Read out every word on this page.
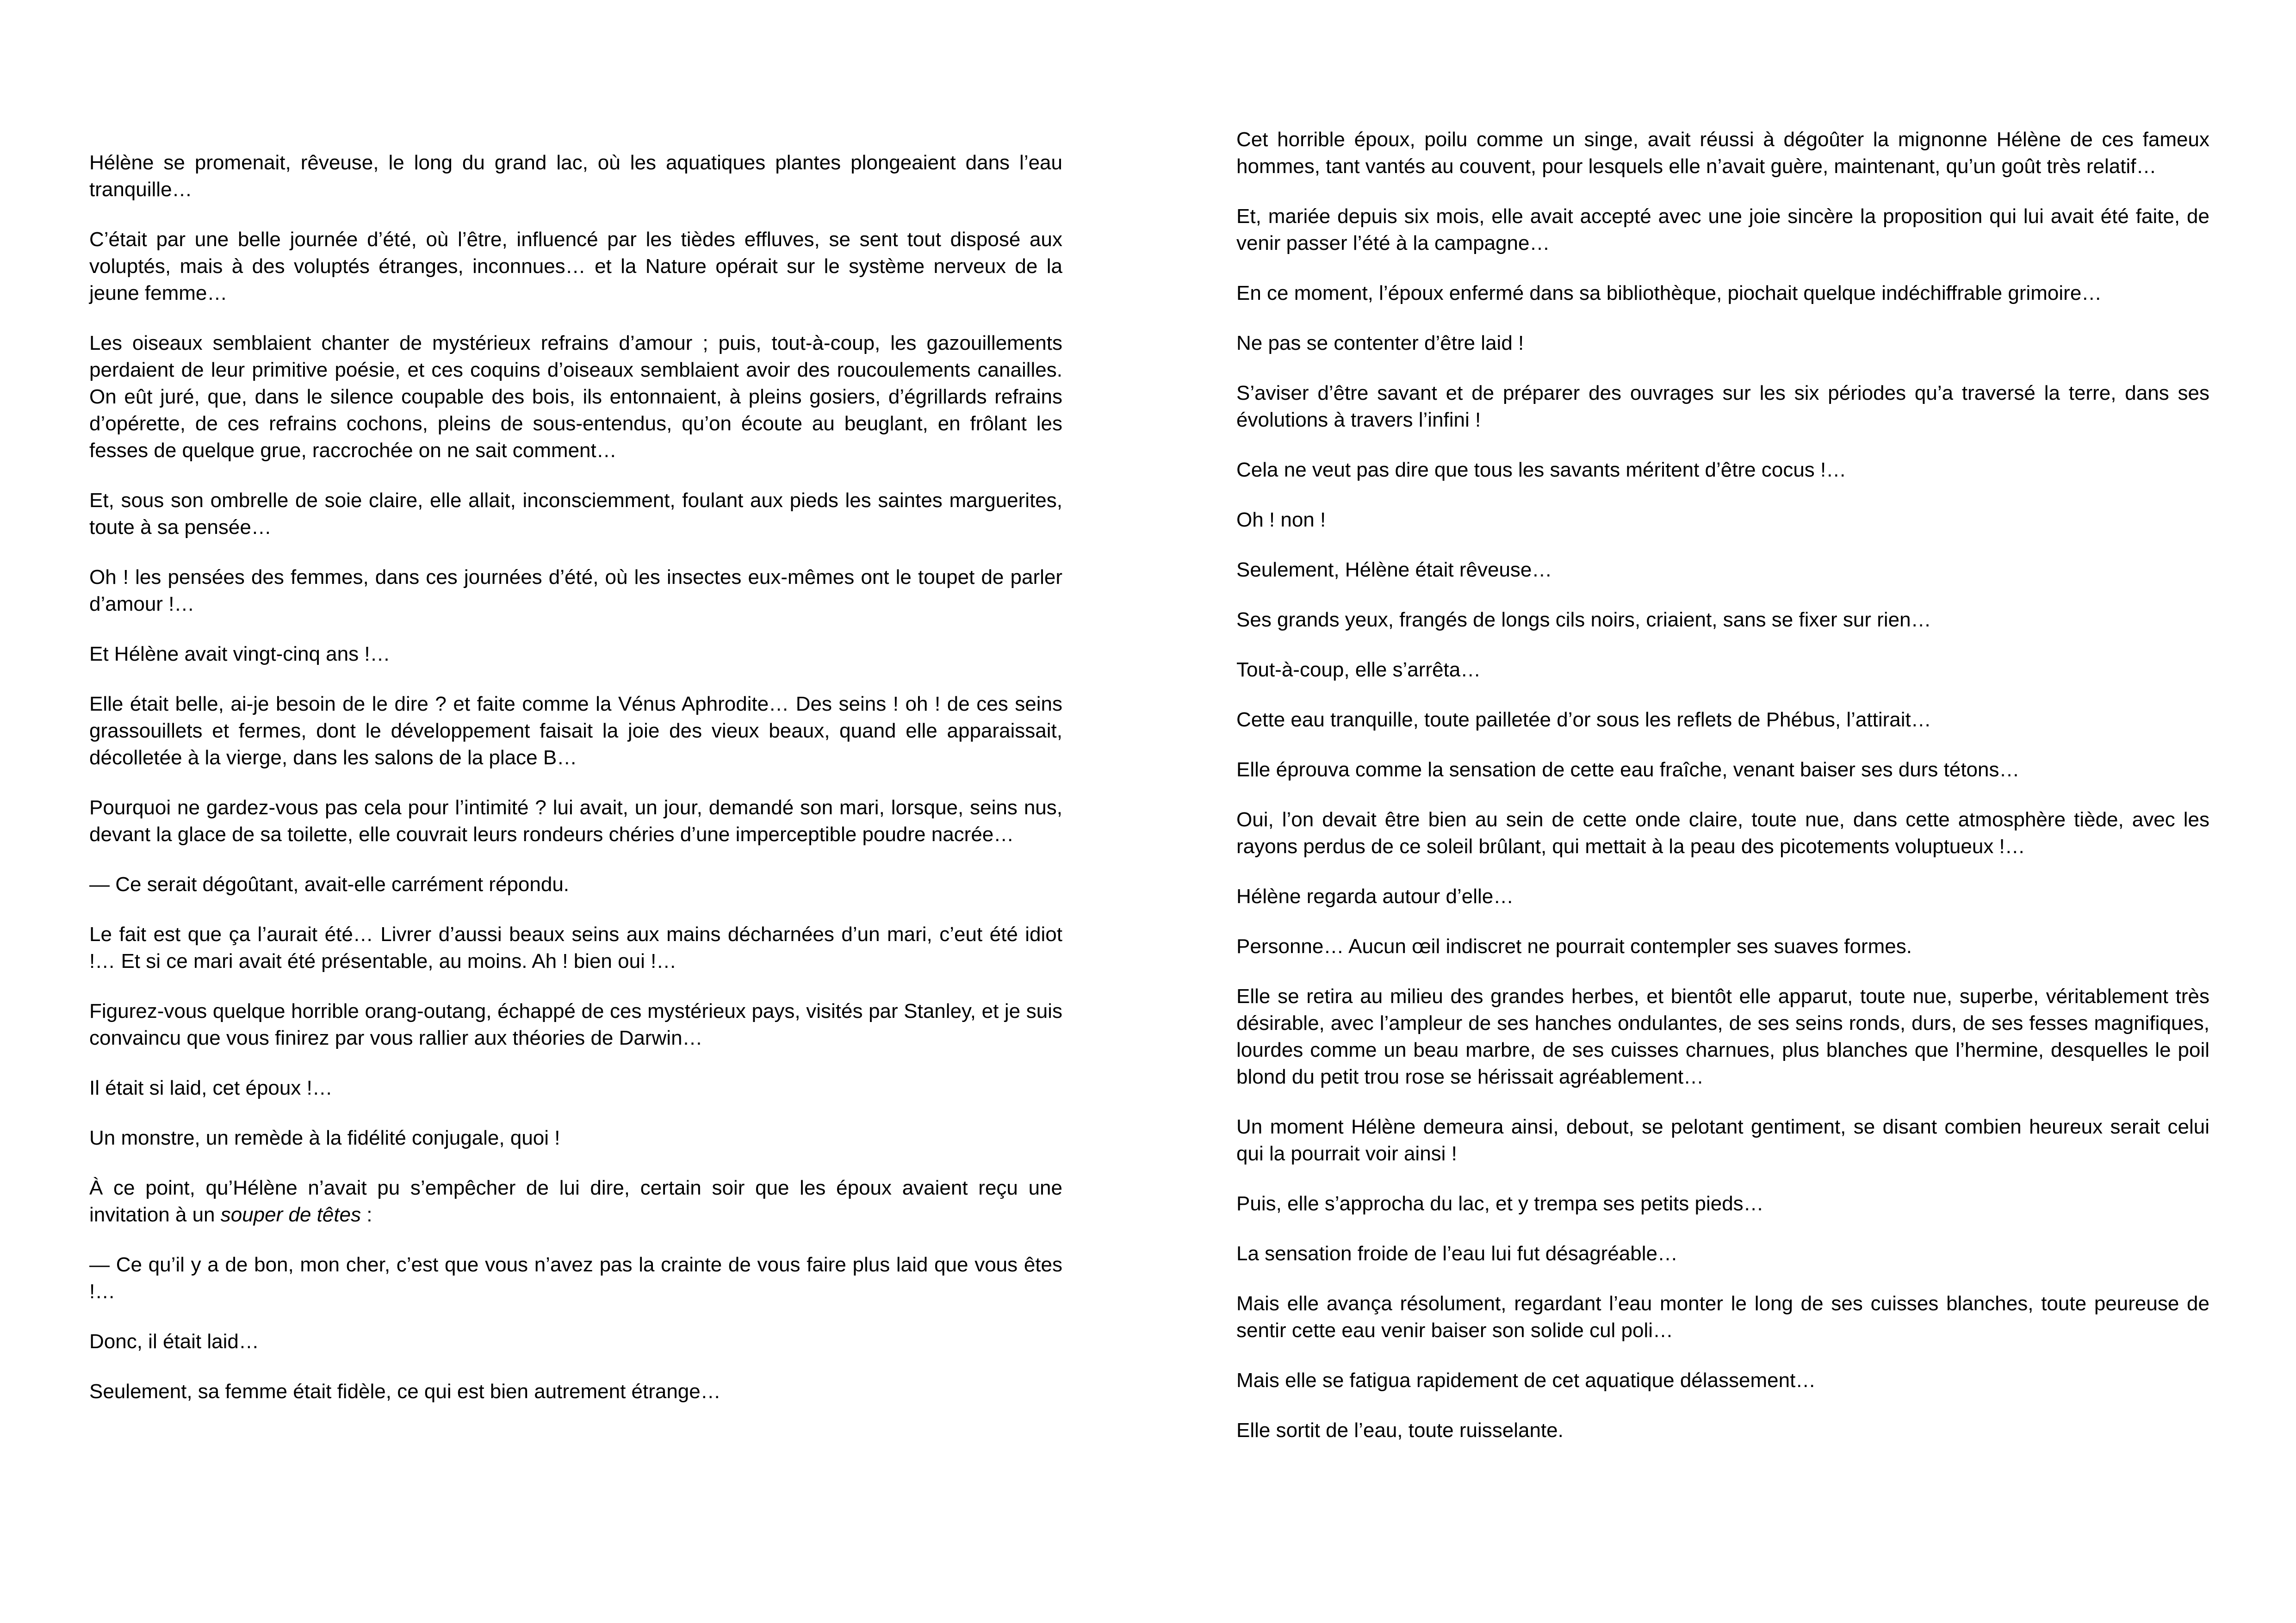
Hélène se promenait, rêveuse, le long du grand lac, où les aquatiques plantes plongeaient dans l’eau tranquille…

C’était par une belle journée d’été, où l’être, influencé par les tièdes effluves, se sent tout disposé aux voluptés, mais à des voluptés étranges, inconnues… et la Nature opérait sur le système nerveux de la jeune femme…

Les oiseaux semblaient chanter de mystérieux refrains d’amour ; puis, tout-à-coup, les gazouillements perdaient de leur primitive poésie, et ces coquins d’oiseaux semblaient avoir des roucoulements canailles. On eût juré, que, dans le silence coupable des bois, ils entonnaient, à pleins gosiers, d’égrillards refrains d’opérette, de ces refrains cochons, pleins de sous-entendus, qu’on écoute au beuglant, en frôlant les fesses de quelque grue, raccrochée on ne sait comment…

Et, sous son ombrelle de soie claire, elle allait, inconsciemment, foulant aux pieds les saintes marguerites, toute à sa pensée…

Oh ! les pensées des femmes, dans ces journées d’été, où les insectes eux-mêmes ont le toupet de parler d’amour !…

Et Hélène avait vingt-cinq ans !…

Elle était belle, ai-je besoin de le dire ? et faite comme la Vénus Aphrodite… Des seins ! oh ! de ces seins grassouillets et fermes, dont le développement faisait la joie des vieux beaux, quand elle apparaissait, décolletée à la vierge, dans les salons de la place B…

Pourquoi ne gardez-vous pas cela pour l’intimité ? lui avait, un jour, demandé son mari, lorsque, seins nus, devant la glace de sa toilette, elle couvrait leurs rondeurs chéries d’une imperceptible poudre nacrée…

— Ce serait dégoûtant, avait-elle carrément répondu.

Le fait est que ça l’aurait été… Livrer d’aussi beaux seins aux mains décharnées d’un mari, c’eut été idiot !… Et si ce mari avait été présentable, au moins. Ah ! bien oui !…

Figurez-vous quelque horrible orang-outang, échappé de ces mystérieux pays, visités par Stanley, et je suis convaincu que vous finirez par vous rallier aux théories de Darwin…

Il était si laid, cet époux !…

Un monstre, un remède à la fidélité conjugale, quoi !

À ce point, qu’Hélène n’avait pu s’empêcher de lui dire, certain soir que les époux avaient reçu une invitation à un souper de têtes :

— Ce qu’il y a de bon, mon cher, c’est que vous n’avez pas la crainte de vous faire plus laid que vous êtes !…

Donc, il était laid…

Seulement, sa femme était fidèle, ce qui est bien autrement étrange…

Cet horrible époux, poilu comme un singe, avait réussi à dégoûter la mignonne Hélène de ces fameux hommes, tant vantés au couvent, pour lesquels elle n’avait guère, maintenant, qu’un goût très relatif…

Et, mariée depuis six mois, elle avait accepté avec une joie sincère la proposition qui lui avait été faite, de venir passer l’été à la campagne…

En ce moment, l’époux enfermé dans sa bibliothèque, piochait quelque indéchiffrable grimoire…

Ne pas se contenter d’être laid !

S’aviser d’être savant et de préparer des ouvrages sur les six périodes qu’a traversé la terre, dans ses évolutions à travers l’infini !

Cela ne veut pas dire que tous les savants méritent d’être cocus !…

Oh ! non !

Seulement, Hélène était rêveuse…

Ses grands yeux, frangés de longs cils noirs, criaient, sans se fixer sur rien…

Tout-à-coup, elle s’arrêta…

Cette eau tranquille, toute pailletée d’or sous les reflets de Phébus, l’attirait…

Elle éprouva comme la sensation de cette eau fraîche, venant baiser ses durs tétons…

Oui, l’on devait être bien au sein de cette onde claire, toute nue, dans cette atmosphère tiède, avec les rayons perdus de ce soleil brûlant, qui mettait à la peau des picotements voluptueux !…

Hélène regarda autour d’elle…

Personne… Aucun œil indiscret ne pourrait contempler ses suaves formes.

Elle se retira au milieu des grandes herbes, et bientôt elle apparut, toute nue, superbe, véritablement très désirable, avec l’ampleur de ses hanches ondulantes, de ses seins ronds, durs, de ses fesses magnifiques, lourdes comme un beau marbre, de ses cuisses charnues, plus blanches que l’hermine, desquelles le poil blond du petit trou rose se hérissait agréablement…

Un moment Hélène demeura ainsi, debout, se pelotant gentiment, se disant combien heureux serait celui qui la pourrait voir ainsi !

Puis, elle s’approcha du lac, et y trempa ses petits pieds…

La sensation froide de l’eau lui fut désagréable…

Mais elle avança résolument, regardant l’eau monter le long de ses cuisses blanches, toute peureuse de sentir cette eau venir baiser son solide cul poli…

Mais elle se fatigua rapidement de cet aquatique délassement…

Elle sortit de l’eau, toute ruisselante.
